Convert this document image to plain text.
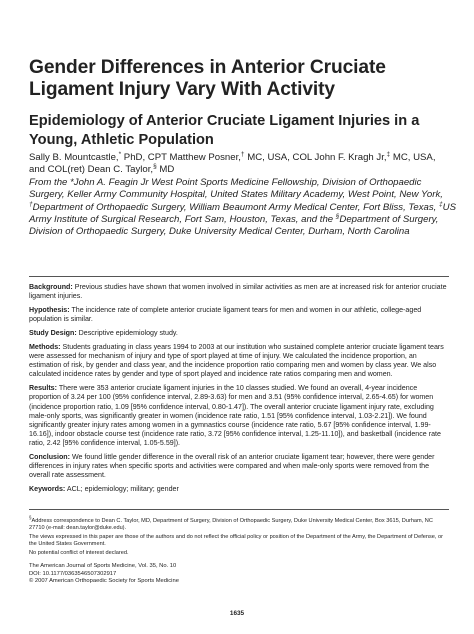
Gender Differences in Anterior Cruciate Ligament Injury Vary With Activity
Epidemiology of Anterior Cruciate Ligament Injuries in a Young, Athletic Population
Sally B. Mountcastle,* PhD, CPT Matthew Posner,† MC, USA, COL John F. Kragh Jr,‡ MC, USA,
and COL(ret) Dean C. Taylor,§ MD
From the *John A. Feagin Jr West Point Sports Medicine Fellowship, Division of Orthopaedic Surgery, Keller Army Community Hospital, United States Military Academy, West Point, New York, †Department of Orthopaedic Surgery, William Beaumont Army Medical Center, Fort Bliss, Texas, ‡US Army Institute of Surgical Research, Fort Sam, Houston, Texas, and the §Department of Surgery, Division of Orthopaedic Surgery, Duke University Medical Center, Durham, North Carolina

Background: Previous studies have shown that women involved in similar activities as men are at increased risk for anterior cruciate ligament injuries.

Hypothesis: The incidence rate of complete anterior cruciate ligament tears for men and women in our athletic, college-aged population is similar.

Study Design: Descriptive epidemiology study.

Methods: Students graduating in class years 1994 to 2003 at our institution who sustained complete anterior cruciate ligament tears were assessed for mechanism of injury and type of sport played at time of injury. We calculated the incidence proportion, an estimation of risk, by gender and class year, and the incidence proportion ratio comparing men and women by class year. We also calculated incidence rates by gender and type of sport played and incidence rate ratios comparing men and women.

Results: There were 353 anterior cruciate ligament injuries in the 10 classes studied. We found an overall, 4-year incidence proportion of 3.24 per 100 (95% confidence interval, 2.89-3.63) for men and 3.51 (95% confidence interval, 2.65-4.65) for women (incidence proportion ratio, 1.09 [95% confidence interval, 0.80-1.47]). The overall anterior cruciate ligament injury rate, excluding male-only sports, was significantly greater in women (incidence rate ratio, 1.51 [95% confidence interval, 1.03-2.21]). We found significantly greater injury rates among women in a gymnastics course (incidence rate ratio, 5.67 [95% confidence interval, 1.99-16.16]), indoor obstacle course test (incidence rate ratio, 3.72 [95% confidence interval, 1.25-11.10]), and basketball (incidence rate ratio, 2.42 [95% confidence interval, 1.05-5.59]).

Conclusion: We found little gender difference in the overall risk of an anterior cruciate ligament tear; however, there were gender differences in injury rates when specific sports and activities were compared and when male-only sports were removed from the overall rate assessment.

Keywords: ACL; epidemiology; military; gender

§Address correspondence to Dean C. Taylor, MD, Department of Surgery, Division of Orthopaedic Surgery, Duke University Medical Center, Box 3615, Durham, NC 27710 (e-mail: dean.taylor@duke.edu).

The views expressed in this paper are those of the authors and do not reflect the official policy or position of the Department of the Army, the Department of Defense, or the United States Government.

No potential conflict of interest declared.

The American Journal of Sports Medicine, Vol. 35, No. 10
DOI: 10.1177/0363546507302917
© 2007 American Orthopaedic Society for Sports Medicine
1635
